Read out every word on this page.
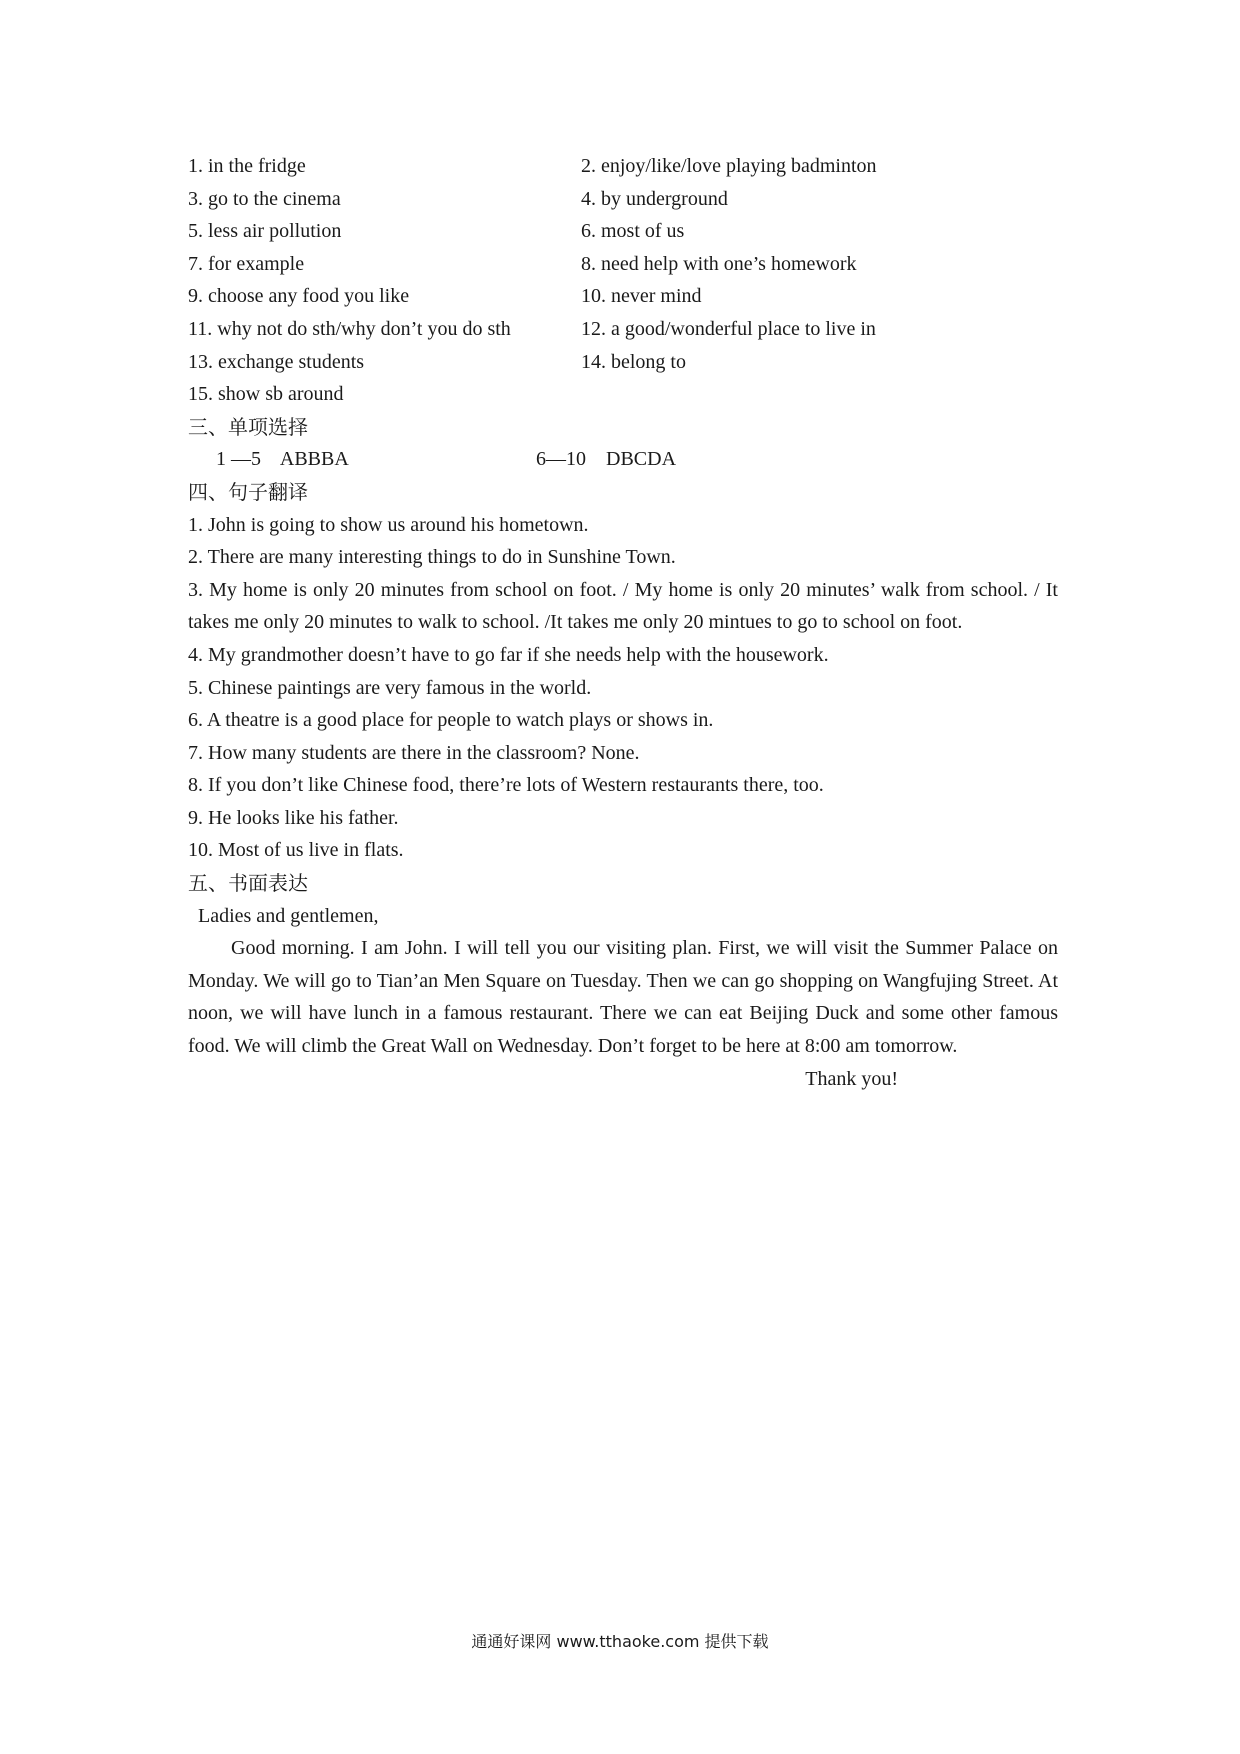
1. in the fridge	2. enjoy/like/love playing badminton
3. go to the cinema	4. by underground
5. less air pollution	6. most of us
7. for example	8. need help with one’s homework
9. choose any food you like	10. never mind
11. why not do sth/why don’t you do sth	12. a good/wonderful place to live in
13. exchange students	14. belong to
15. show sb around
三、单项选择
1 —5    ABBBA	6—10    DBCDA
四、句子翻译
1. John is going to show us around his hometown.
2. There are many interesting things to do in Sunshine Town.
3. My home is only 20 minutes from school on foot. / My home is only 20 minutes’ walk from school. / It takes me only 20 minutes to walk to school. /It takes me only 20 mintues to go to school on foot.
4. My grandmother doesn’t have to go far if she needs help with the housework.
5. Chinese paintings are very famous in the world.
6. A theatre is a good place for people to watch plays or shows in.
7. How many students are there in the classroom? None.
8. If you don’t like Chinese food, there’re lots of Western restaurants there, too.
9. He looks like his father.
10. Most of us live in flats.
五、书面表达
Ladies and gentlemen,
Good morning. I am John. I will tell you our visiting plan. First, we will visit the Summer Palace on Monday. We will go to Tian’an Men Square on Tuesday. Then we can go shopping on Wangfujing Street. At noon, we will have lunch in a famous restaurant. There we can eat Beijing Duck and some other famous food. We will climb the Great Wall on Wednesday. Don’t forget to be here at 8:00 am tomorrow.
Thank you!
通通好课网 www.tthaoke.com 提供下载
